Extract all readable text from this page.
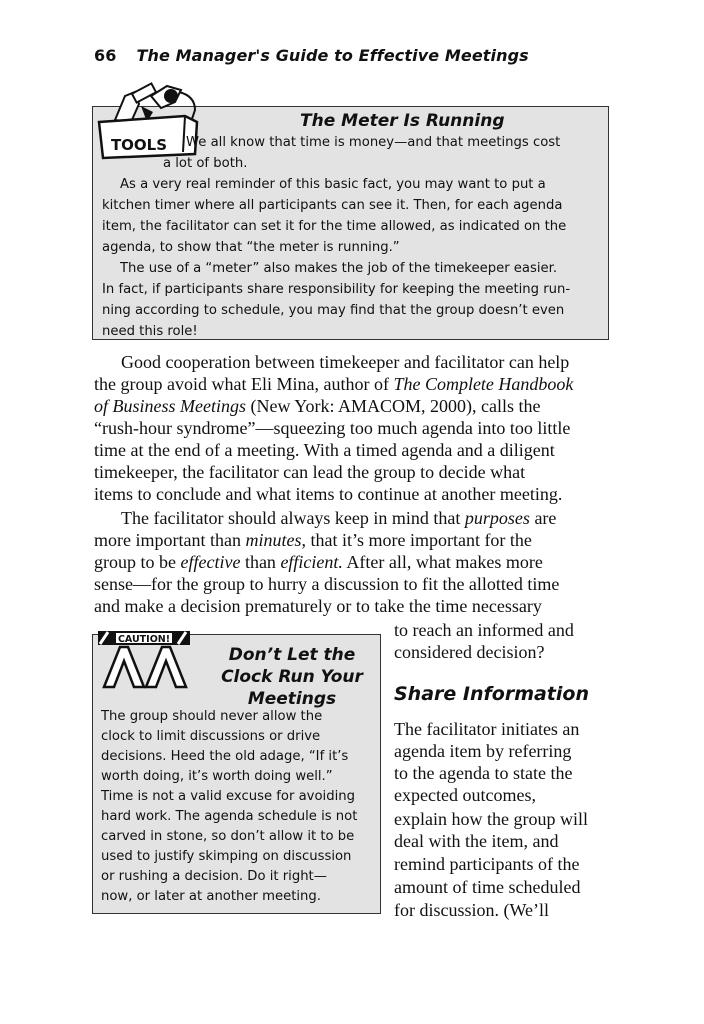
66 The Manager's Guide to Effective Meetings
TOOLS
The Meter Is Running
We all know that time is money—and that meetings cost
a lot of both.
As a very real reminder of this basic fact, you may want to put a
kitchen timer where all participants can see it. Then, for each agenda
item, the facilitator can set it for the time allowed, as indicated on the
agenda, to show that “the meter is running.”
The use of a “meter” also makes the job of the timekeeper easier.
In fact, if participants share responsibility for keeping the meeting run-
ning according to schedule, you may find that the group doesn’t even
need this role!
Good cooperation between timekeeper and facilitator can help
the group avoid what Eli Mina, author of The Complete Handbook
of Business Meetings (New York: AMACOM, 2000), calls the
“rush-hour syndrome”—squeezing too much agenda into too little
time at the end of a meeting. With a timed agenda and a diligent
timekeeper, the facilitator can lead the group to decide what
items to conclude and what items to continue at another meeting.
The facilitator should always keep in mind that purposes are
more important than minutes, that it’s more important for the
group to be effective than efficient. After all, what makes more
sense—for the group to hurry a discussion to fit the allotted time
and make a decision prematurely or to take the time necessary
to reach an informed and
considered decision?
CAUTION!
Don’t Let the
Clock Run Your
Meetings
The group should never allow the
clock to limit discussions or drive
decisions. Heed the old adage, “If it’s
worth doing, it’s worth doing well.”
Time is not a valid excuse for avoiding
hard work. The agenda schedule is not
carved in stone, so don’t allow it to be
used to justify skimping on discussion
or rushing a decision. Do it right—
now, or later at another meeting.
Share Information
The facilitator initiates an
agenda item by referring
to the agenda to state the
expected outcomes,
explain how the group will
deal with the item, and
remind participants of the
amount of time scheduled
for discussion. (We’ll
